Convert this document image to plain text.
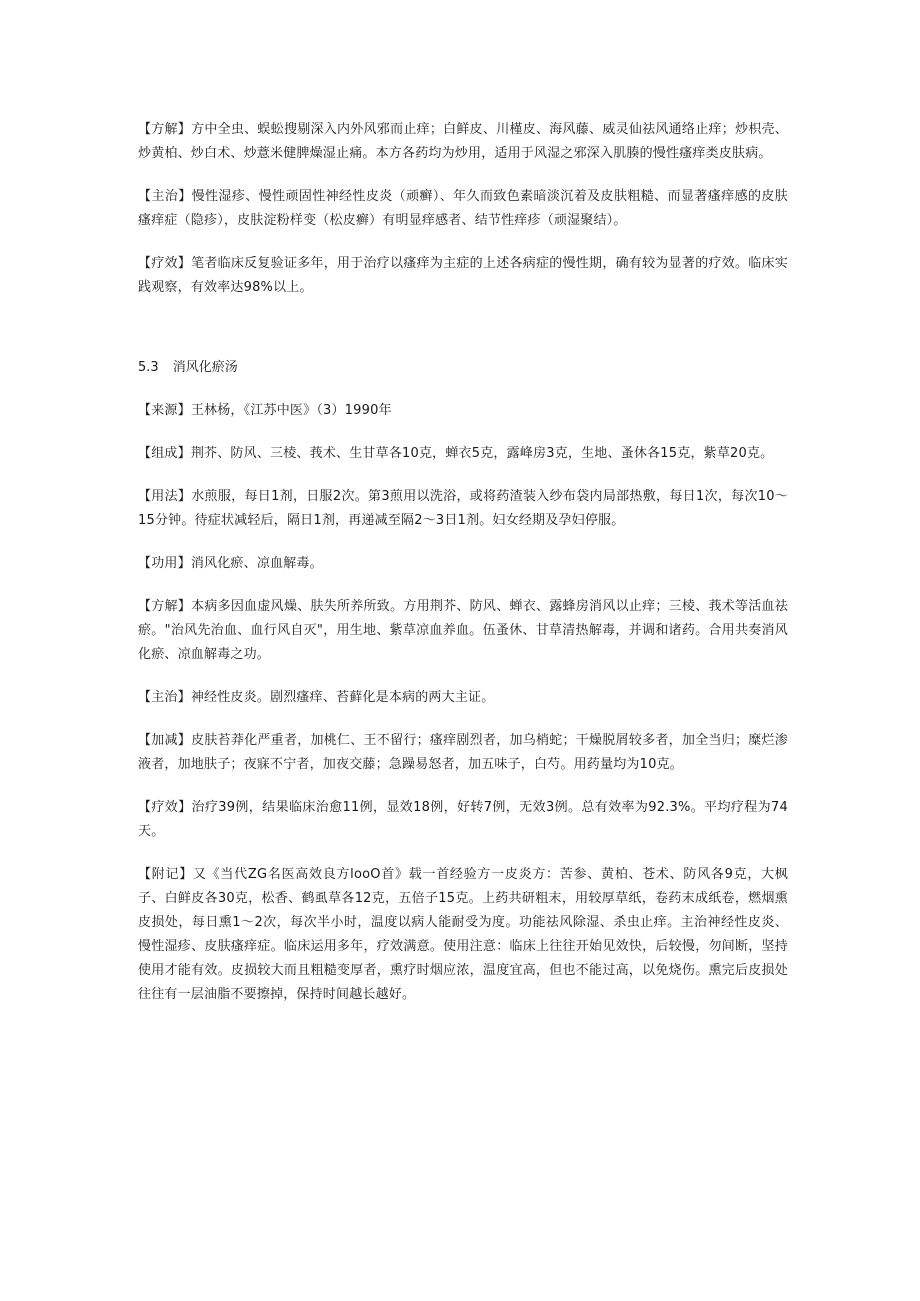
【方解】方中全虫、蜈蚣搜剔深入内外风邪而止痒；白鲜皮、川槿皮、海风藤、威灵仙祛风通络止痒；炒枳壳、炒黄柏、炒白术、炒薏米健脾燥湿止痛。本方各药均为炒用，适用于风湿之邪深入肌腠的慢性瘙痒类皮肤病。

【主治】慢性湿疹、慢性顽固性神经性皮炎（顽癣）、年久而致色素暗淡沉着及皮肤粗糙、而显著瘙痒感的皮肤瘙痒症（隐疹），皮肤淀粉样变（松皮癣）有明显痒感者、结节性痒疹（顽湿聚结）。

【疗效】笔者临床反复验证多年，用于治疗以瘙痒为主症的上述各病症的慢性期，确有较为显著的疗效。临床实践观察，有效率达98%以上。

5.3 消风化瘀汤

【来源】王林杨，《江苏中医》（3）1990年

【组成】荆芥、防风、三棱、莪术、生甘草各10克，蝉衣5克，露峰房3克，生地、蚤休各15克，紫草20克。

【用法】水煎服，每日1剂，日服2次。第3煎用以洗浴，或将药渣装入纱布袋内局部热敷，每日1次，每次10～15分钟。待症状减轻后，隔日1剂，再递减至隔2～3日1剂。妇女经期及孕妇停服。

【功用】消风化瘀、凉血解毒。

【方解】本病多因血虚风燥、肤失所养所致。方用荆芥、防风、蝉衣、露蜂房消风以止痒；三棱、莪术等活血祛瘀。"治风先治血、血行风自灭"，用生地、紫草凉血养血。伍蚤休、甘草清热解毒，并调和诸药。合用共奏消风化瘀、凉血解毒之功。

【主治】神经性皮炎。剧烈瘙痒、苔藓化是本病的两大主证。

【加减】皮肤苔莽化严重者，加桃仁、王不留行；瘙痒剧烈者，加乌梢蛇；干燥脱屑较多者，加全当归；糜烂渗液者，加地肤子；夜寐不宁者，加夜交藤；急躁易怒者，加五味子，白芍。用药量均为10克。

【疗效】治疗39例，结果临床治愈11例，显效18例，好转7例，无效3例。总有效率为92.3%。平均疗程为74天。

【附记】又《当代ZG名医高效良方looO首》载一首经验方一皮炎方：苦参、黄柏、苍术、防风各9克，大枫子、白鲜皮各30克，松香、鹤虱草各12克，五倍子15克。上药共研粗末，用较厚草纸，卷药末成纸卷，燃烟熏皮损处，每日熏1～2次，每次半小时，温度以病人能耐受为度。功能祛风除湿、杀虫止痒。主治神经性皮炎、慢性湿疹、皮肤瘙痒症。临床运用多年，疗效满意。使用注意：临床上往往开始见效快，后较慢，勿间断，坚持使用才能有效。皮损较大而且粗糙变厚者，熏疗时烟应浓，温度宜高，但也不能过高，以免烧伤。熏完后皮损处往往有一层油脂不要擦掉，保持时间越长越好。
